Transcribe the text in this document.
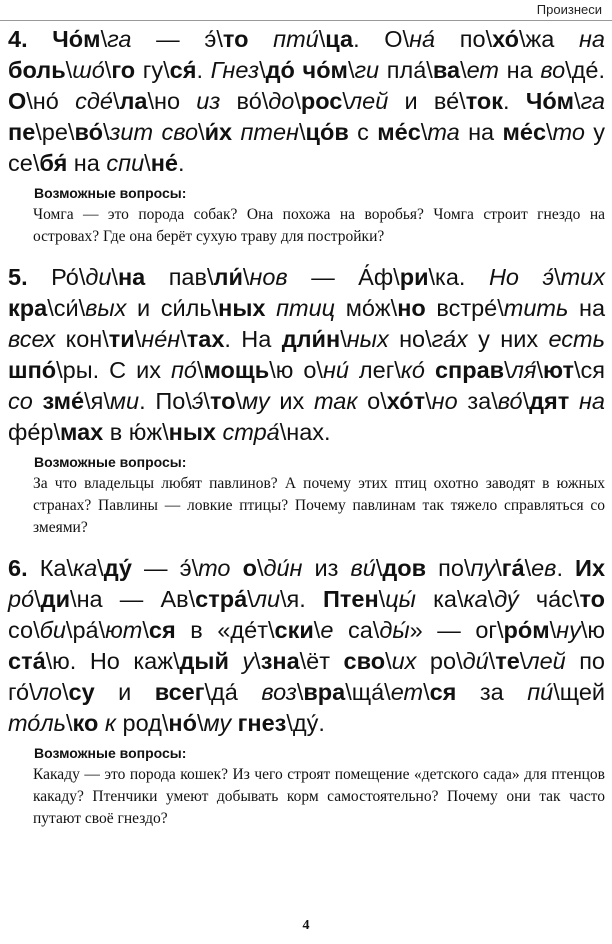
Произнеси

4. Чо́м\га — э́\то пти́\ца. О\на́ по\хо́\жа на боль\шо́\го гу\ся́. Гнез\до́ чо́м\ги пла́\ва\ет на во\де́. О\но́ сде́\ла\но из во́\до\рос\лей и ве́\ток. Чо́м\га пе\ре\во́\зит сво\и́х птен\цо́в с ме́с\та на ме́с\то у се\бя́ на спи\не́.

Возможные вопросы:
Чомга — это порода собак? Она похожа на воробья? Чомга строит гнездо на островах? Где она берёт сухую траву для постройки?

5. Ро́\ди\на пав\ли́\нов — А́ф\ри\ка. Но э́\тих кра\си́\вых и си́ль\ных птиц мо́ж\но встре́\тить на всех кон\ти\не́н\тах. На дли́н\ных но\га́х у них есть шпо́\ры. С их по́\мощь\ю о\ни́ лег\ко́ справ\ля́\ют\ся со зме́\я\ми. По\э́\то\му их так о\хо́т\но за\во́\дят на фе́р\мах в ю́ж\ных стра́\нах.

Возможные вопросы:
За что владельцы любят павлинов? А почему этих птиц охотно заводят в южных странах? Павлины — ловкие птицы? Почему павлинам так тяжело справляться со змеями?

6. Ка\ка\ду́ — э́\то о\ди́н из ви́\дов по\пу\га́\ев. Их ро́\ди\на — Ав\стра́\ли\я. Птен\цы́ ка\ка\ду́ ча́с\то со\би\ра́\ют\ся в «де́т\ски\е са\ды́» — ог\ро́м\ну\ю ста́\ю. Но каж\дый у\зна\ёт сво\их ро\ди́\те\лей по го́\ло\су и всег\да́ воз\вра\ща́\ет\ся за пи́\щей то́ль\ко к род\но́\му гнез\ду́.

Возможные вопросы:
Какаду — это порода кошек? Из чего строят помещение «детского сада» для птенцов какаду? Птенчики умеют добывать корм самостоятельно? Почему они так часто путают своё гнездо?
4
